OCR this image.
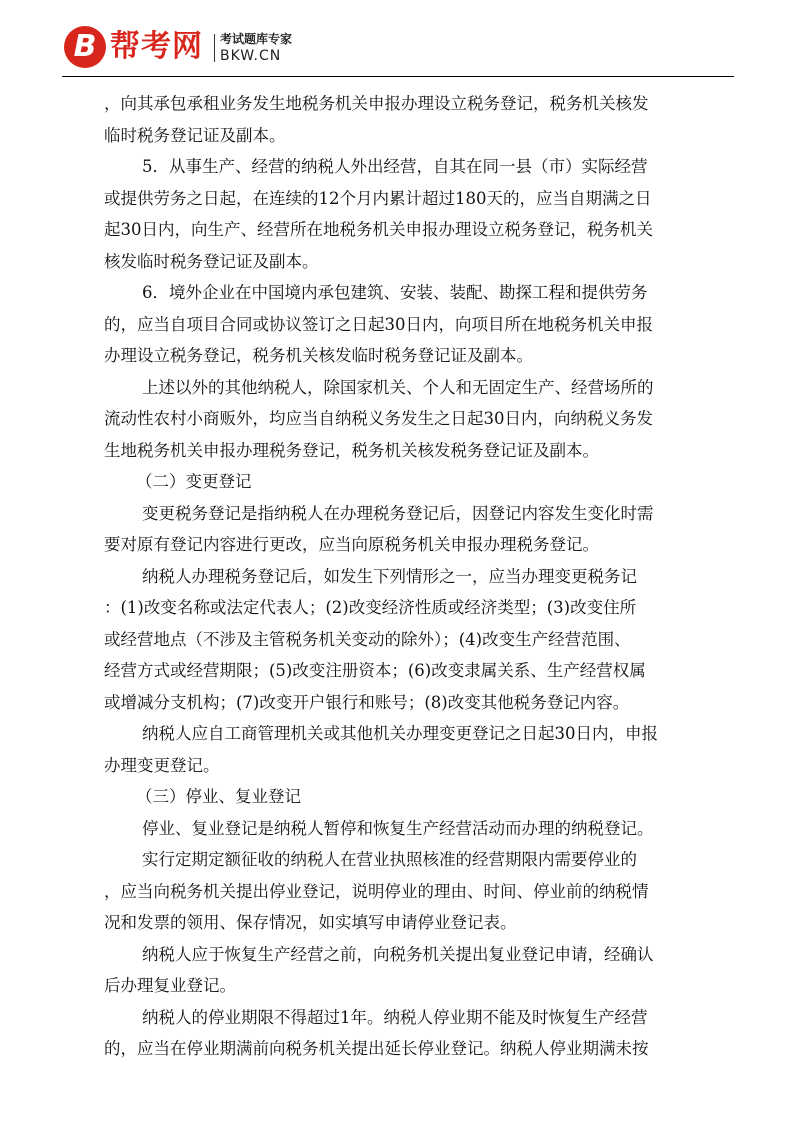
B 帮考网 考试题库专家
BKW.CN
，向其承包承租业务发生地税务机关申报办理设立税务登记，税务机关核发
临时税务登记证及副本。
5．从事生产、经营的纳税人外出经营，自其在同一县（市）实际经营
或提供劳务之日起，在连续的12个月内累计超过180天的，应当自期满之日
起30日内，向生产、经营所在地税务机关申报办理设立税务登记，税务机关
核发临时税务登记证及副本。
6．境外企业在中国境内承包建筑、安装、装配、勘探工程和提供劳务
的，应当自项目合同或协议签订之日起30日内，向项目所在地税务机关申报
办理设立税务登记，税务机关核发临时税务登记证及副本。
上述以外的其他纳税人，除国家机关、个人和无固定生产、经营场所的
流动性农村小商贩外，均应当自纳税义务发生之日起30日内，向纳税义务发
生地税务机关申报办理税务登记，税务机关核发税务登记证及副本。
（二）变更登记
变更税务登记是指纳税人在办理税务登记后，因登记内容发生变化时需
要对原有登记内容进行更改，应当向原税务机关申报办理税务登记。
纳税人办理税务登记后，如发生下列情形之一，应当办理变更税务记
：(1)改变名称或法定代表人；(2)改变经济性质或经济类型；(3)改变住所
或经营地点（不涉及主管税务机关变动的除外）；(4)改变生产经营范围、
经营方式或经营期限；(5)改变注册资本；(6)改变隶属关系、生产经营权属
或增减分支机构；(7)改变开户银行和账号；(8)改变其他税务登记内容。
纳税人应自工商管理机关或其他机关办理变更登记之日起30日内，申报
办理变更登记。
（三）停业、复业登记
停业、复业登记是纳税人暂停和恢复生产经营活动而办理的纳税登记。
实行定期定额征收的纳税人在营业执照核准的经营期限内需要停业的
，应当向税务机关提出停业登记，说明停业的理由、时间、停业前的纳税情
况和发票的领用、保存情况，如实填写申请停业登记表。
纳税人应于恢复生产经营之前，向税务机关提出复业登记申请，经确认
后办理复业登记。
纳税人的停业期限不得超过1年。纳税人停业期不能及时恢复生产经营
的，应当在停业期满前向税务机关提出延长停业登记。纳税人停业期满未按
